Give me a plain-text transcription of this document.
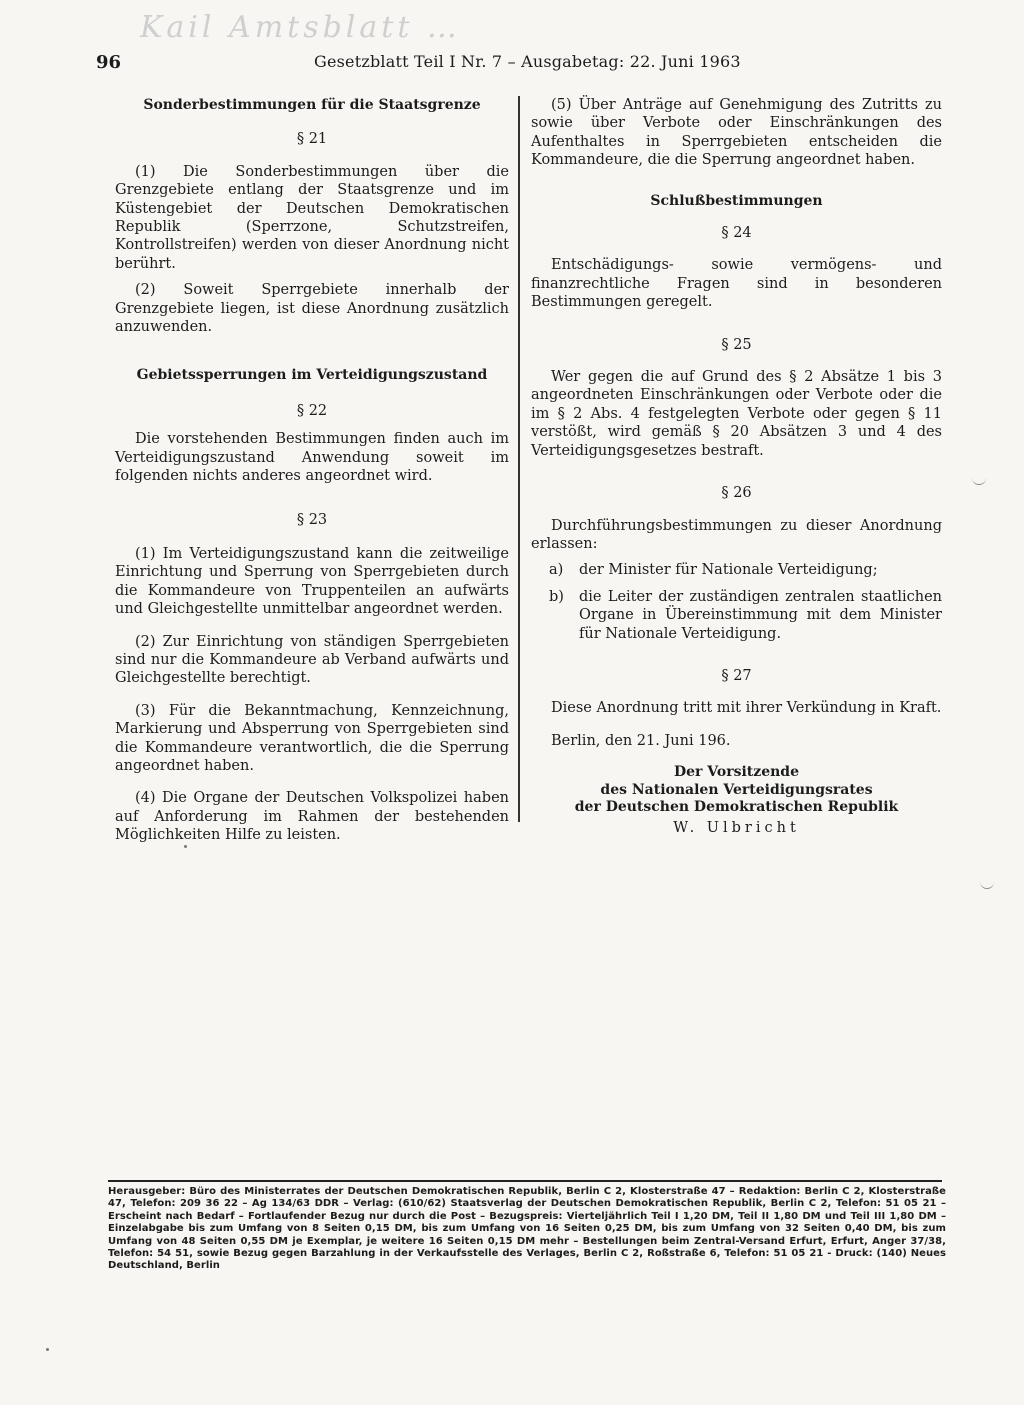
Kail Amtsblatt …
96	Gesetzblatt Teil I Nr. 7 – Ausgabetag: 22. Juni 1963

Sonderbestimmungen für die Staatsgrenze

§ 21

(1) Die Sonderbestimmungen über die Grenzgebiete entlang der Staatsgrenze und im Küstengebiet der Deutschen Demokratischen Republik (Sperrzone, Schutzstreifen, Kontrollstreifen) werden von dieser Anordnung nicht berührt.

(2) Soweit Sperrgebiete innerhalb der Grenzgebiete liegen, ist diese Anordnung zusätzlich anzuwenden.

Gebietssperrungen im Verteidigungszustand

§ 22

Die vorstehenden Bestimmungen finden auch im Verteidigungszustand Anwendung soweit im folgenden nichts anderes angeordnet wird.

§ 23

(1) Im Verteidigungszustand kann die zeitweilige Einrichtung und Sperrung von Sperrgebieten durch die Kommandeure von Truppenteilen an aufwärts und Gleichgestellte unmittelbar angeordnet werden.

(2) Zur Einrichtung von ständigen Sperrgebieten sind nur die Kommandeure ab Verband aufwärts und Gleichgestellte berechtigt.

(3) Für die Bekanntmachung, Kennzeichnung, Markierung und Absperrung von Sperrgebieten sind die Kommandeure verantwortlich, die die Sperrung angeordnet haben.

(4) Die Organe der Deutschen Volkspolizei haben auf Anforderung im Rahmen der bestehenden Möglichkeiten Hilfe zu leisten.

(5) Über Anträge auf Genehmigung des Zutritts zu sowie über Verbote oder Einschränkungen des Aufenthaltes in Sperrgebieten entscheiden die Kommandeure, die die Sperrung angeordnet haben.

Schlußbestimmungen

§ 24

Entschädigungs- sowie vermögens- und finanzrechtliche Fragen sind in besonderen Bestimmungen geregelt.

§ 25

Wer gegen die auf Grund des § 2 Absätze 1 bis 3 angeordneten Einschränkungen oder Verbote oder die im § 2 Abs. 4 festgelegten Verbote oder gegen § 11 verstößt, wird gemäß § 20 Absätzen 3 und 4 des Verteidigungsgesetzes bestraft.

§ 26

Durchführungsbestimmungen zu dieser Anordnung erlassen:

a)	der Minister für Nationale Verteidigung;
b)	die Leiter der zuständigen zentralen staatlichen Organe in Übereinstimmung mit dem Minister für Nationale Verteidigung.

§ 27

Diese Anordnung tritt mit ihrer Verkündung in Kraft.

Berlin, den 21. Juni 196.

Der Vorsitzende
des Nationalen Verteidigungsrates
der Deutschen Demokratischen Republik
W. Ulbricht
Herausgeber: Büro des Ministerrates der Deutschen Demokratischen Republik, Berlin C 2, Klosterstraße 47 – Redaktion: Berlin C 2, Klosterstraße 47, Telefon: 209 36 22 – Ag 134/63 DDR – Verlag: (610/62) Staatsverlag der Deutschen Demokratischen Republik, Berlin C 2, Telefon: 51 05 21 – Erscheint nach Bedarf – Fortlaufender Bezug nur durch die Post – Bezugspreis: Vierteljährlich Teil I 1,20 DM, Teil II 1,80 DM und Teil III 1,80 DM – Einzelabgabe bis zum Umfang von 8 Seiten 0,15 DM, bis zum Umfang von 16 Seiten 0,25 DM, bis zum Umfang von 32 Seiten 0,40 DM, bis zum Umfang von 48 Seiten 0,55 DM je Exemplar, je weitere 16 Seiten 0,15 DM mehr – Bestellungen beim Zentral-Versand Erfurt, Erfurt, Anger 37/38, Telefon: 54 51, sowie Bezug gegen Barzahlung in der Verkaufsstelle des Verlages, Berlin C 2, Roßstraße 6, Telefon: 51 05 21 - Druck: (140) Neues Deutschland, Berlin
